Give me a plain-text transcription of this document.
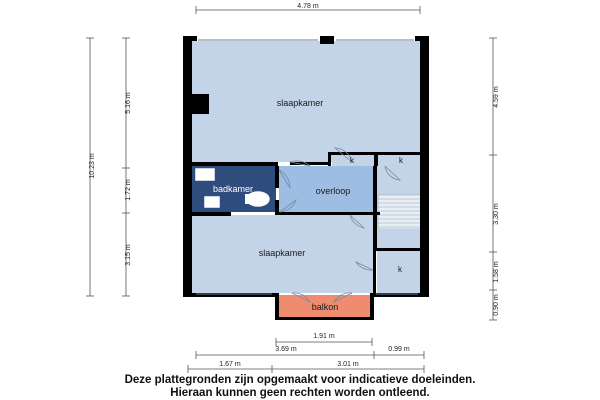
4.78 m
10.23 m
5.16 m
1.72 m
3.15 m
4.59 m
3.30 m
1.58 m
0.90 m
slaapkamer
badkamer	overloop
slaapkamer
balkon
k	k
k
1.91 m
3.69 m	0.99 m
1.67 m	3.01 m
Deze plattegronden zijn opgemaakt voor indicatieve doeleinden.
Hieraan kunnen geen rechten worden ontleend.
